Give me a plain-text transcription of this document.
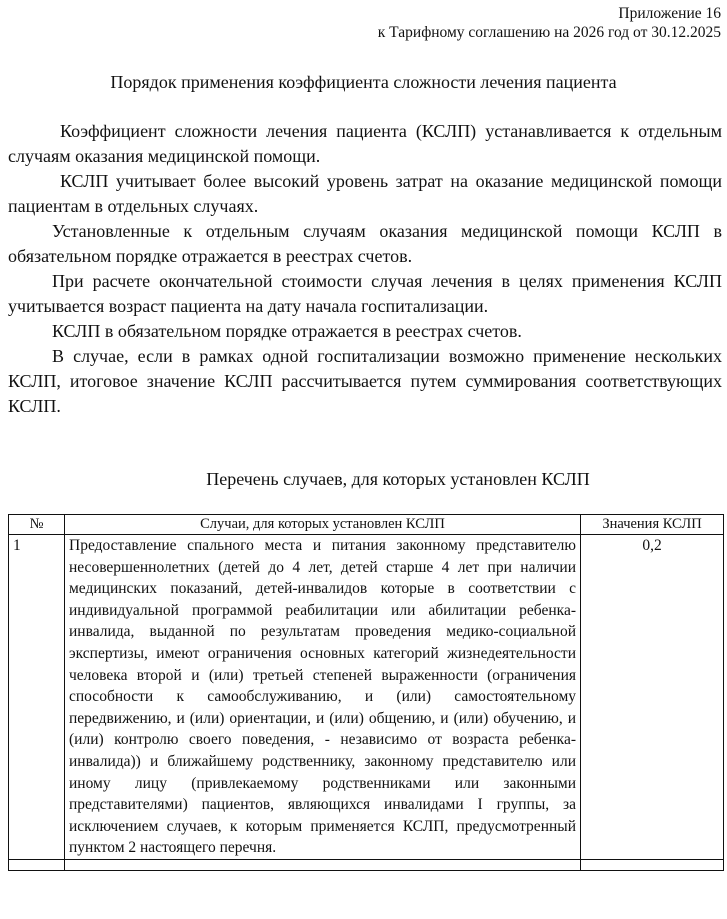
Приложение 16
к Тарифному соглашению на 2026 год от 30.12.2025
Порядок применения коэффициента сложности лечения пациента

Коэффициент сложности лечения пациента (КСЛП) устанавливается к отдельным случаям оказания медицинской помощи.

КСЛП учитывает более высокий уровень затрат на оказание медицинской помощи пациентам в отдельных случаях.

Установленные к отдельным случаям оказания медицинской помощи КСЛП в обязательном порядке отражается в реестрах счетов.

При расчете окончательной стоимости случая лечения в целях применения КСЛП учитывается возраст пациента на дату начала госпитализации.

КСЛП в обязательном порядке отражается в реестрах счетов.

В случае, если в рамках одной госпитализации возможно применение нескольких КСЛП, итоговое значение КСЛП рассчитывается путем суммирования соответствующих КСЛП.

Перечень случаев, для которых установлен КСЛП
№	Случаи, для которых установлен КСЛП	Значения КСЛП
1	Предоставление спального места и питания законному представителю несовершеннолетних (детей до 4 лет, детей старше 4 лет при наличии медицинских показаний, детей-инвалидов которые в соответствии с индивидуальной программой реабилитации или абилитации ребенка-инвалида, выданной по результатам проведения медико-социальной экспертизы, имеют ограничения основных категорий жизнедеятельности человека второй и (или) третьей степеней выраженности (ограничения способности к самообслуживанию, и (или) самостоятельному передвижению, и (или) ориентации, и (или) общению, и (или) обучению, и (или) контролю своего поведения, - независимо от возраста ребенка-инвалида)) и ближайшему родственнику, законному представителю или иному лицу (привлекаемому родственниками или законными представителями) пациентов, являющихся инвалидами I группы, за исключением случаев, к которым применяется КСЛП, предусмотренный пунктом 2 настоящего перечня.	0,2
